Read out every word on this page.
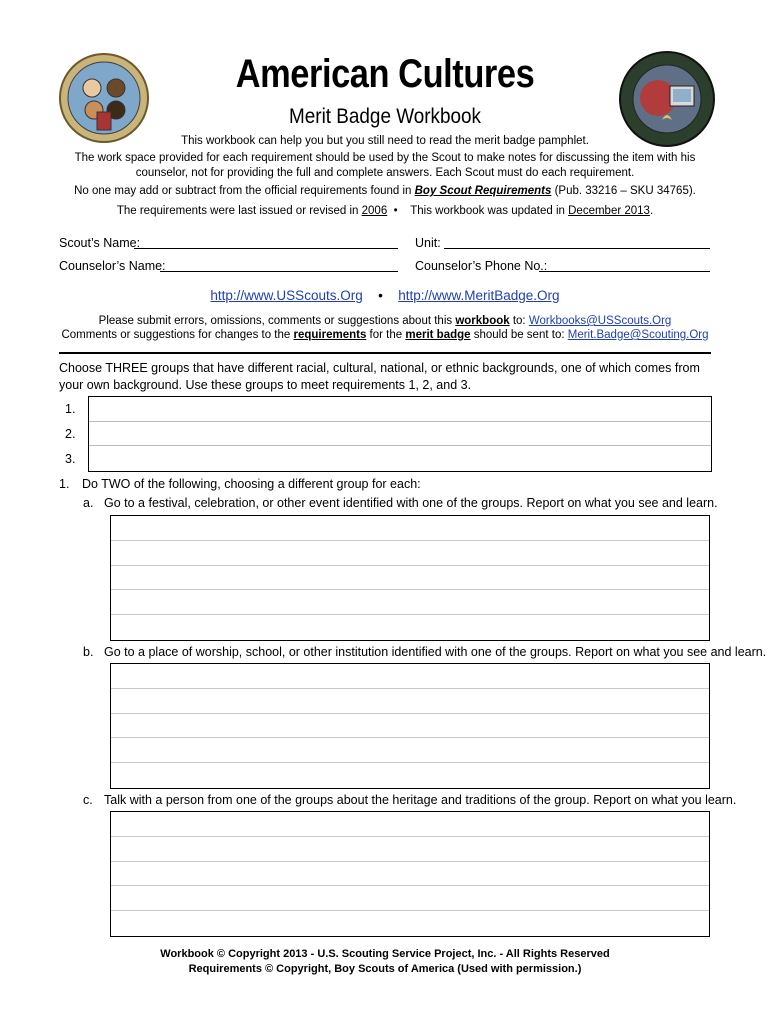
American Cultures
Merit Badge Workbook
This workbook can help you but you still need to read the merit badge pamphlet.
The work space provided for each requirement should be used by the Scout to make notes for discussing the item with his counselor, not for providing the full and complete answers. Each Scout must do each requirement.
No one may add or subtract from the official requirements found in Boy Scout Requirements (Pub. 33216 – SKU 34765).
The requirements were last issued or revised in 2006  •    This workbook was updated in December 2013.
Scout’s Name:	Unit:
Counselor’s Name:	Counselor’s Phone No.:
http://www.USScouts.Org • http://www.MeritBadge.Org
Please submit errors, omissions, comments or suggestions about this workbook to: Workbooks@USScouts.Org
Comments or suggestions for changes to the requirements for the merit badge should be sent to: Merit.Badge@Scouting.Org
Choose THREE groups that have different racial, cultural, national, or ethnic backgrounds, one of which comes from your own background. Use these groups to meet requirements 1, 2, and 3.
1.
2.
3.
1. Do TWO of the following, choosing a different group for each:
a. Go to a festival, celebration, or other event identified with one of the groups. Report on what you see and learn.
b. Go to a place of worship, school, or other institution identified with one of the groups. Report on what you see and learn.
c. Talk with a person from one of the groups about the heritage and traditions of the group. Report on what you learn.
Workbook © Copyright 2013 - U.S. Scouting Service Project, Inc. - All Rights Reserved
Requirements © Copyright, Boy Scouts of America (Used with permission.)
